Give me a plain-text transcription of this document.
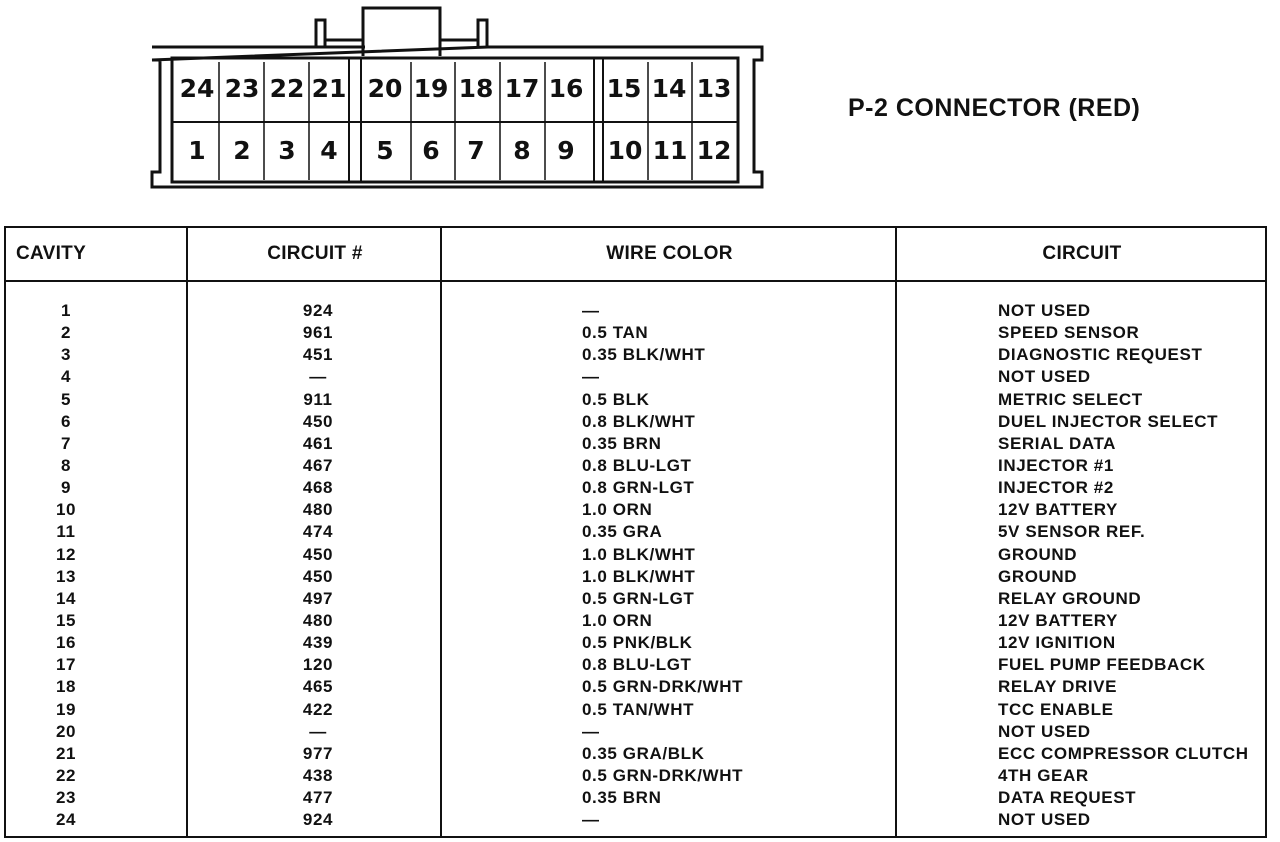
24 23 22 21 20 19 18 17 16 15 14 13
1 2 3 4 5 6 7 8 9 10 11 12
P-2 CONNECTOR (RED)
CAVITY	CIRCUIT #	WIRE COLOR	CIRCUIT
1	924	—	NOT USED
2	961	0.5 TAN	SPEED SENSOR
3	451	0.35 BLK/WHT	DIAGNOSTIC REQUEST
4	—	—	NOT USED
5	911	0.5 BLK	METRIC SELECT
6	450	0.8 BLK/WHT	DUEL INJECTOR SELECT
7	461	0.35 BRN	SERIAL DATA
8	467	0.8 BLU-LGT	INJECTOR #1
9	468	0.8 GRN-LGT	INJECTOR #2
10	480	1.0 ORN	12V BATTERY
11	474	0.35 GRA	5V SENSOR REF.
12	450	1.0 BLK/WHT	GROUND
13	450	1.0 BLK/WHT	GROUND
14	497	0.5 GRN-LGT	RELAY GROUND
15	480	1.0 ORN	12V BATTERY
16	439	0.5 PNK/BLK	12V IGNITION
17	120	0.8 BLU-LGT	FUEL PUMP FEEDBACK
18	465	0.5 GRN-DRK/WHT	RELAY DRIVE
19	422	0.5 TAN/WHT	TCC ENABLE
20	—	—	NOT USED
21	977	0.35 GRA/BLK	ECC COMPRESSOR CLUTCH
22	438	0.5 GRN-DRK/WHT	4TH GEAR
23	477	0.35 BRN	DATA REQUEST
24	924	—	NOT USED
